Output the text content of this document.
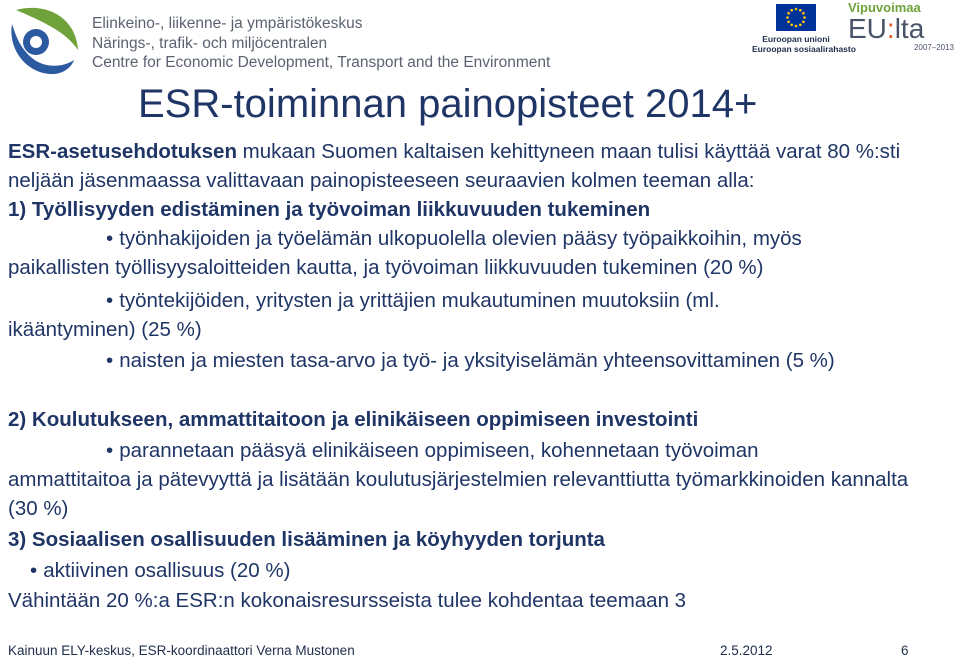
Elinkeino-, liikenne- ja ympäristökeskus
Närings-, trafik- och miljöcentralen
Centre for Economic Development, Transport and the Environment
Euroopan unioni
Euroopan sosiaalirahasto
Vipuvoimaa
EU:lta
2007–2013
ESR-toiminnan painopisteet 2014+

ESR-asetusehdotuksen mukaan Suomen kaltaisen kehittyneen maan tulisi käyttää varat 80 %:sti neljään jäsenmaassa valittavaan painopisteeseen seuraavien kolmen teeman alla:

1) Työllisyyden edistäminen ja työvoiman liikkuvuuden tukeminen

• työnhakijoiden ja työelämän ulkopuolella olevien pääsy työpaikkoihin, myös

paikallisten työllisyysaloitteiden kautta, ja työvoiman liikkuvuuden tukeminen (20 %)

• työntekijöiden, yritysten ja yrittäjien mukautuminen muutoksiin (ml.

ikääntyminen) (25 %)

• naisten ja miesten tasa-arvo ja työ- ja yksityiselämän yhteensovittaminen (5 %)

2) Koulutukseen, ammattitaitoon ja elinikäiseen oppimiseen investointi

• parannetaan pääsyä elinikäiseen oppimiseen, kohennetaan työvoiman

ammattitaitoa ja pätevyyttä ja lisätään koulutusjärjestelmien relevanttiutta työmarkkinoiden kannalta (30 %)

3) Sosiaalisen osallisuuden lisääminen ja köyhyyden torjunta

• aktiivinen osallisuus (20 %)

Vähintään 20 %:a ESR:n kokonaisresursseista tulee kohdentaa teemaan 3

Kainuun ELY-keskus, ESR-koordinaattori Verna Mustonen	2.5.2012	6
